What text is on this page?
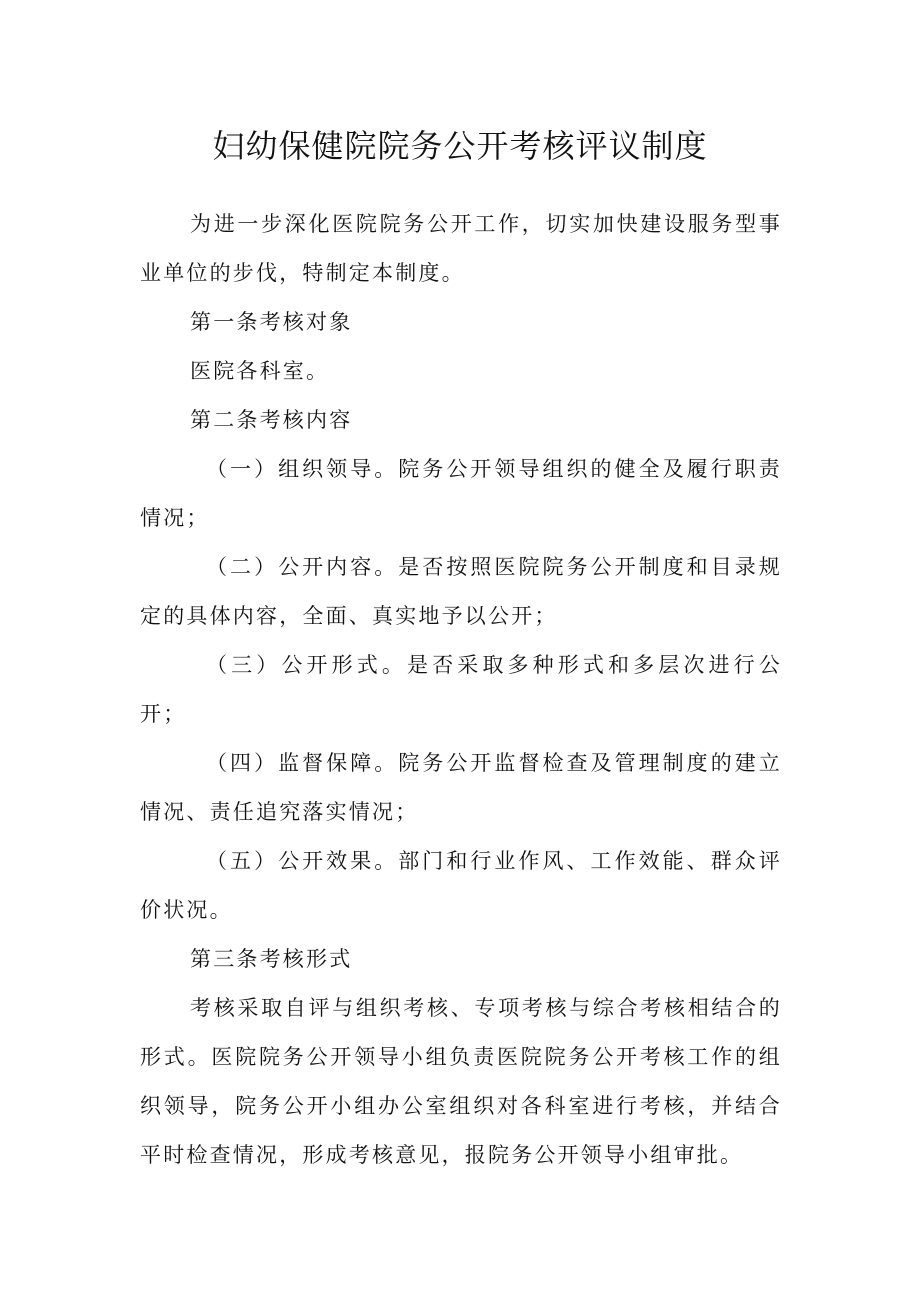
妇幼保健院院务公开考核评议制度

为进一步深化医院院务公开工作，切实加快建设服务型事业单位的步伐，特制定本制度。

第一条考核对象

医院各科室。

第二条考核内容

（一）组织领导。院务公开领导组织的健全及履行职责情况；

（二）公开内容。是否按照医院院务公开制度和目录规定的具体内容，全面、真实地予以公开；

（三）公开形式。是否采取多种形式和多层次进行公开；

（四）监督保障。院务公开监督检查及管理制度的建立情况、责任追究落实情况；

（五）公开效果。部门和行业作风、工作效能、群众评价状况。

第三条考核形式

考核采取自评与组织考核、专项考核与综合考核相结合的形式。医院院务公开领导小组负责医院院务公开考核工作的组织领导，院务公开小组办公室组织对各科室进行考核，并结合平时检查情况，形成考核意见，报院务公开领导小组审批。
